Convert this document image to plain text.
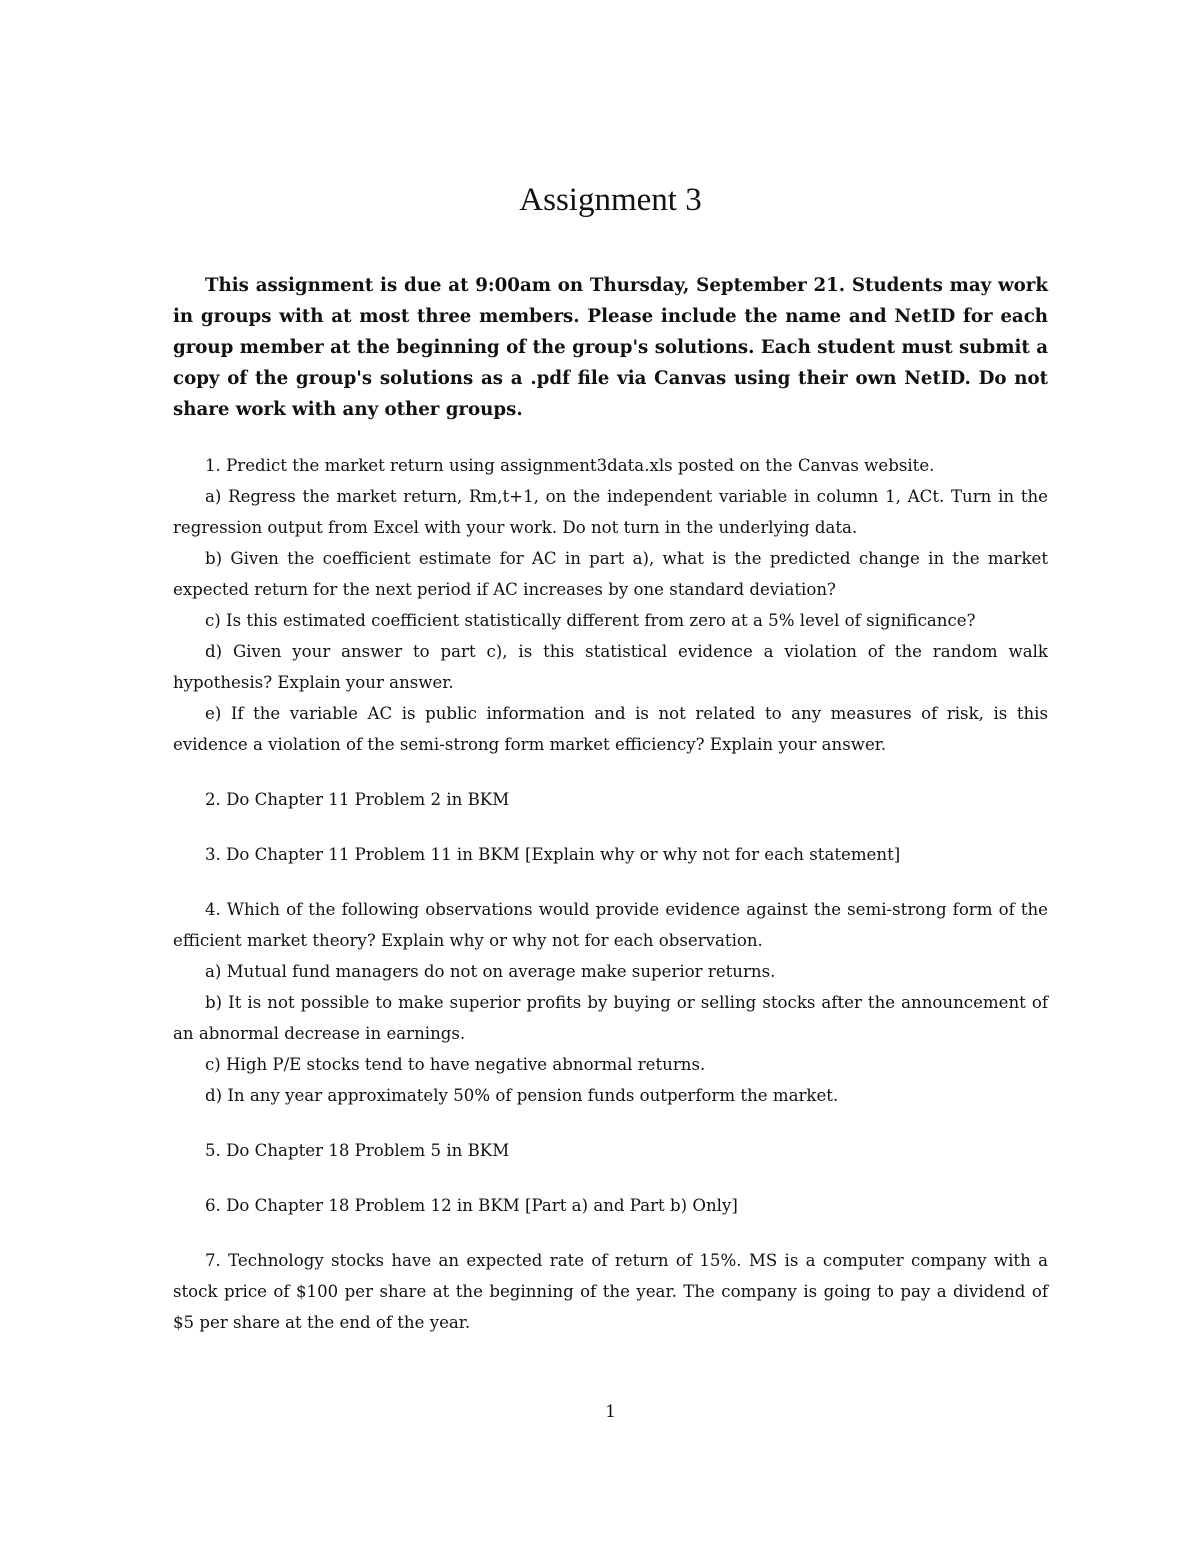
Assignment 3

This assignment is due at 9:00am on Thursday, September 21. Students may work in groups with at most three members. Please include the name and NetID for each group member at the beginning of the group's solutions. Each student must submit a copy of the group's solutions as a .pdf file via Canvas using their own NetID. Do not share work with any other groups.

1. Predict the market return using assignment3data.xls posted on the Canvas website.

a) Regress the market return, Rm,t+1, on the independent variable in column 1, ACt. Turn in the regression output from Excel with your work. Do not turn in the underlying data.

b) Given the coefficient estimate for AC in part a), what is the predicted change in the market expected return for the next period if AC increases by one standard deviation?

c) Is this estimated coefficient statistically different from zero at a 5% level of significance?

d) Given your answer to part c), is this statistical evidence a violation of the random walk hypothesis? Explain your answer.

e) If the variable AC is public information and is not related to any measures of risk, is this evidence a violation of the semi-strong form market efficiency? Explain your answer.

2. Do Chapter 11 Problem 2 in BKM

3. Do Chapter 11 Problem 11 in BKM [Explain why or why not for each statement]

4. Which of the following observations would provide evidence against the semi-strong form of the efficient market theory? Explain why or why not for each observation.

a) Mutual fund managers do not on average make superior returns.

b) It is not possible to make superior profits by buying or selling stocks after the announcement of an abnormal decrease in earnings.

c) High P/E stocks tend to have negative abnormal returns.

d) In any year approximately 50% of pension funds outperform the market.

5. Do Chapter 18 Problem 5 in BKM

6. Do Chapter 18 Problem 12 in BKM [Part a) and Part b) Only]

7. Technology stocks have an expected rate of return of 15%. MS is a computer company with a stock price of $100 per share at the beginning of the year. The company is going to pay a dividend of $5 per share at the end of the year.

1
